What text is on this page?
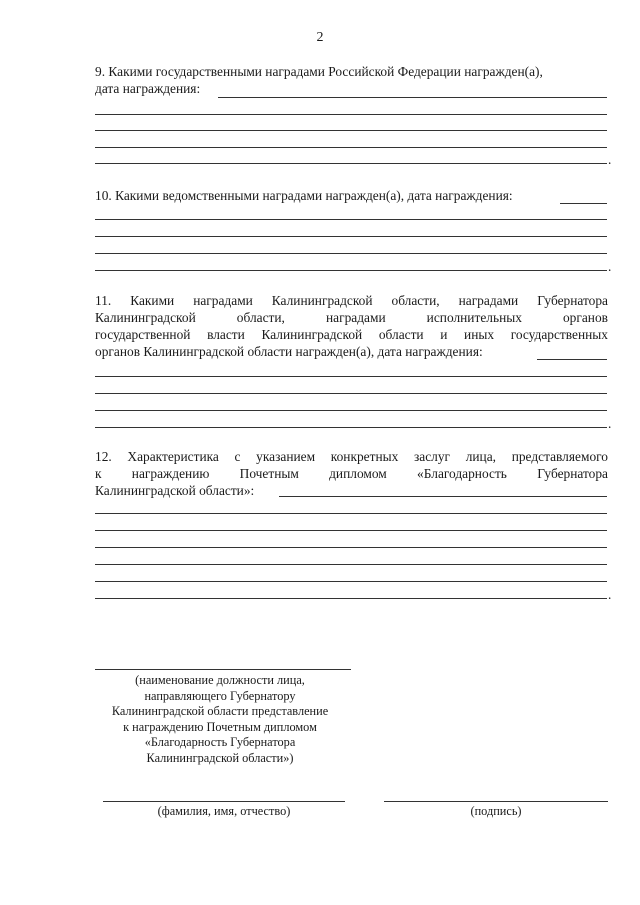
2
9. Какими государственными наградами Российской Федерации награжден(а),
дата награждения:
.
10. Какими ведомственными наградами награжден(а), дата награждения:
.
11. Какими наградами Калининградской области, наградами Губернатора
Калининградской области, наградами исполнительных органов
государственной власти Калининградской области и иных государственных
органов Калининградской области награжден(а), дата награждения:
.
12. Характеристика с указанием конкретных заслуг лица, представляемого
к награждению Почетным дипломом «Благодарность Губернатора
Калининградской области»:
.
(наименование должности лица,
направляющего Губернатору
Калининградской области представление
к награждению Почетным дипломом
«Благодарность Губернатора
Калининградской области»)
(фамилия, имя, отчество)	(подпись)
